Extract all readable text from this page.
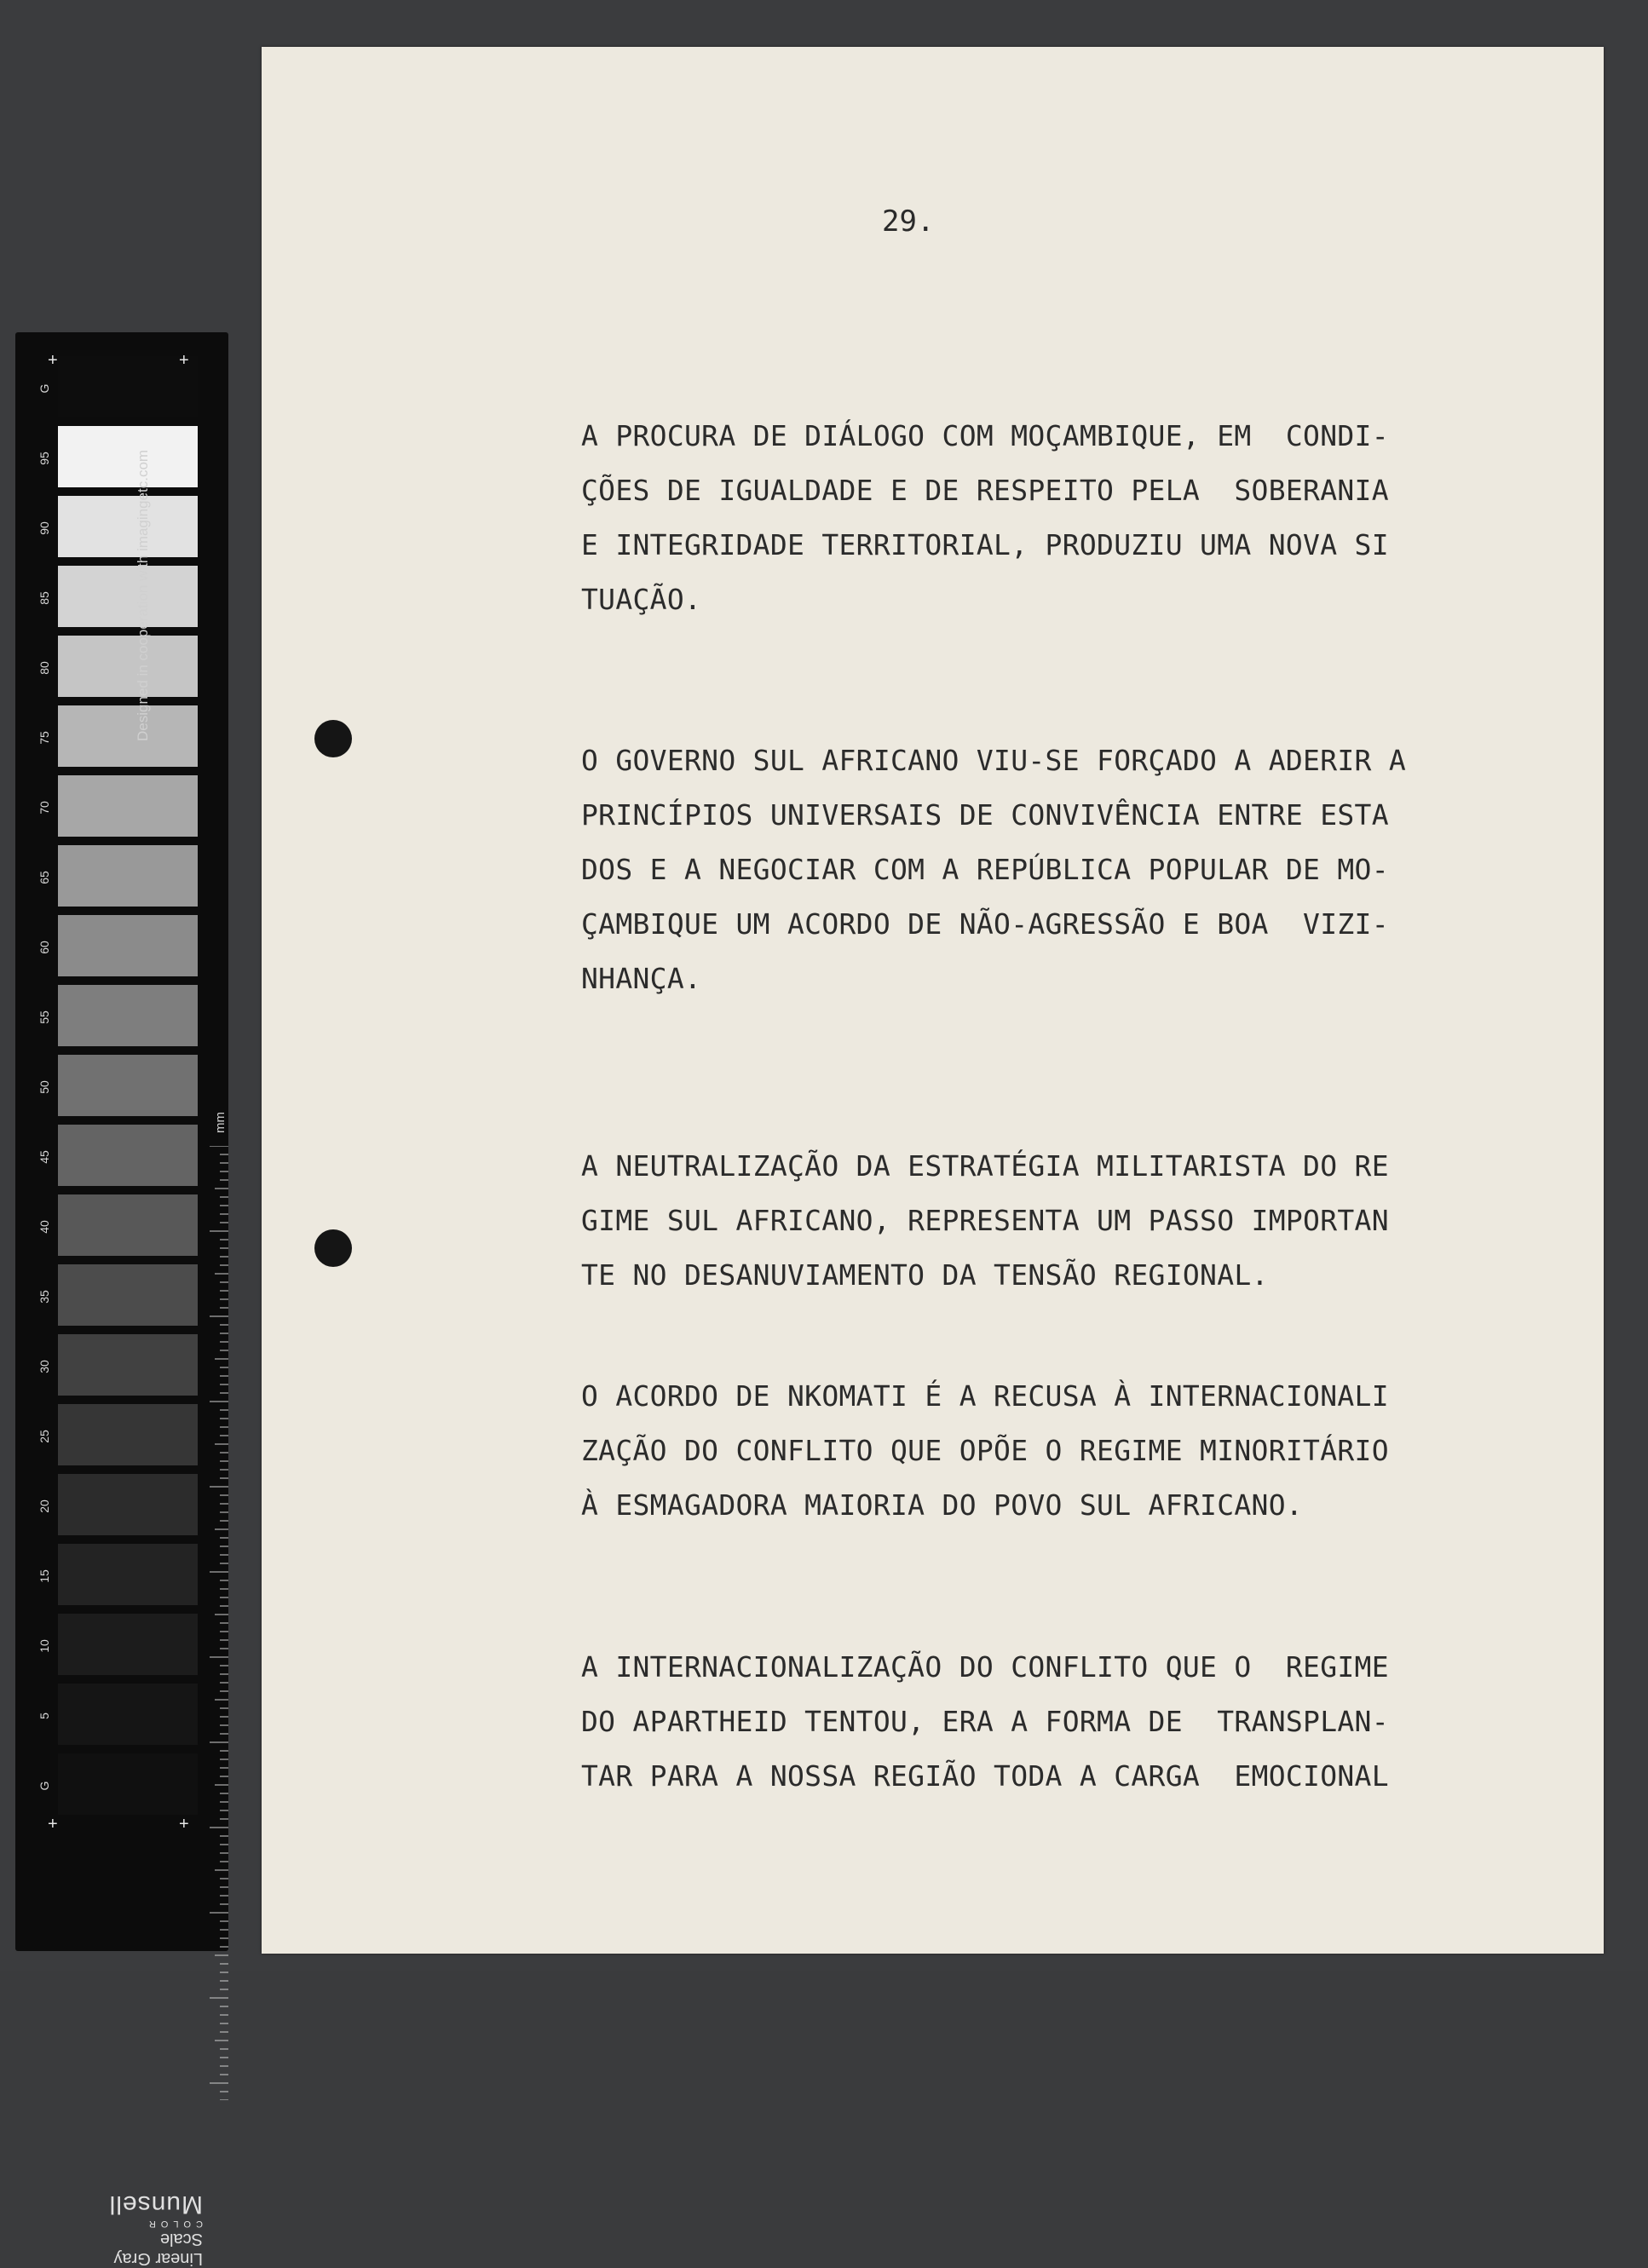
G
95
90
85
80
75
70
65
60
55
50
45
40
35
30
25
20
15
10
5
G
+	+
+	+
Designed in cooperation with imagingetc.com
mm
Linear Gray Scale
COLOR
Munsell
29.
A PROCURA DE DIÁLOGO COM MOÇAMBIQUE, EM  CONDI-
ÇÕES DE IGUALDADE E DE RESPEITO PELA  SOBERANIA
E INTEGRIDADE TERRITORIAL, PRODUZIU UMA NOVA SI
TUAÇÃO.
O GOVERNO SUL AFRICANO VIU-SE FORÇADO A ADERIR A
PRINCÍPIOS UNIVERSAIS DE CONVIVÊNCIA ENTRE ESTA
DOS E A NEGOCIAR COM A REPÚBLICA POPULAR DE MO-
ÇAMBIQUE UM ACORDO DE NÃO-AGRESSÃO E BOA  VIZI-
NHANÇA.
A NEUTRALIZAÇÃO DA ESTRATÉGIA MILITARISTA DO RE
GIME SUL AFRICANO, REPRESENTA UM PASSO IMPORTAN
TE NO DESANUVIAMENTO DA TENSÃO REGIONAL.
O ACORDO DE NKOMATI É A RECUSA À INTERNACIONALI
ZAÇÃO DO CONFLITO QUE OPÕE O REGIME MINORITÁRIO
À ESMAGADORA MAIORIA DO POVO SUL AFRICANO.
A INTERNACIONALIZAÇÃO DO CONFLITO QUE O  REGIME
DO APARTHEID TENTOU, ERA A FORMA DE  TRANSPLAN-
TAR PARA A NOSSA REGIÃO TODA A CARGA  EMOCIONAL
